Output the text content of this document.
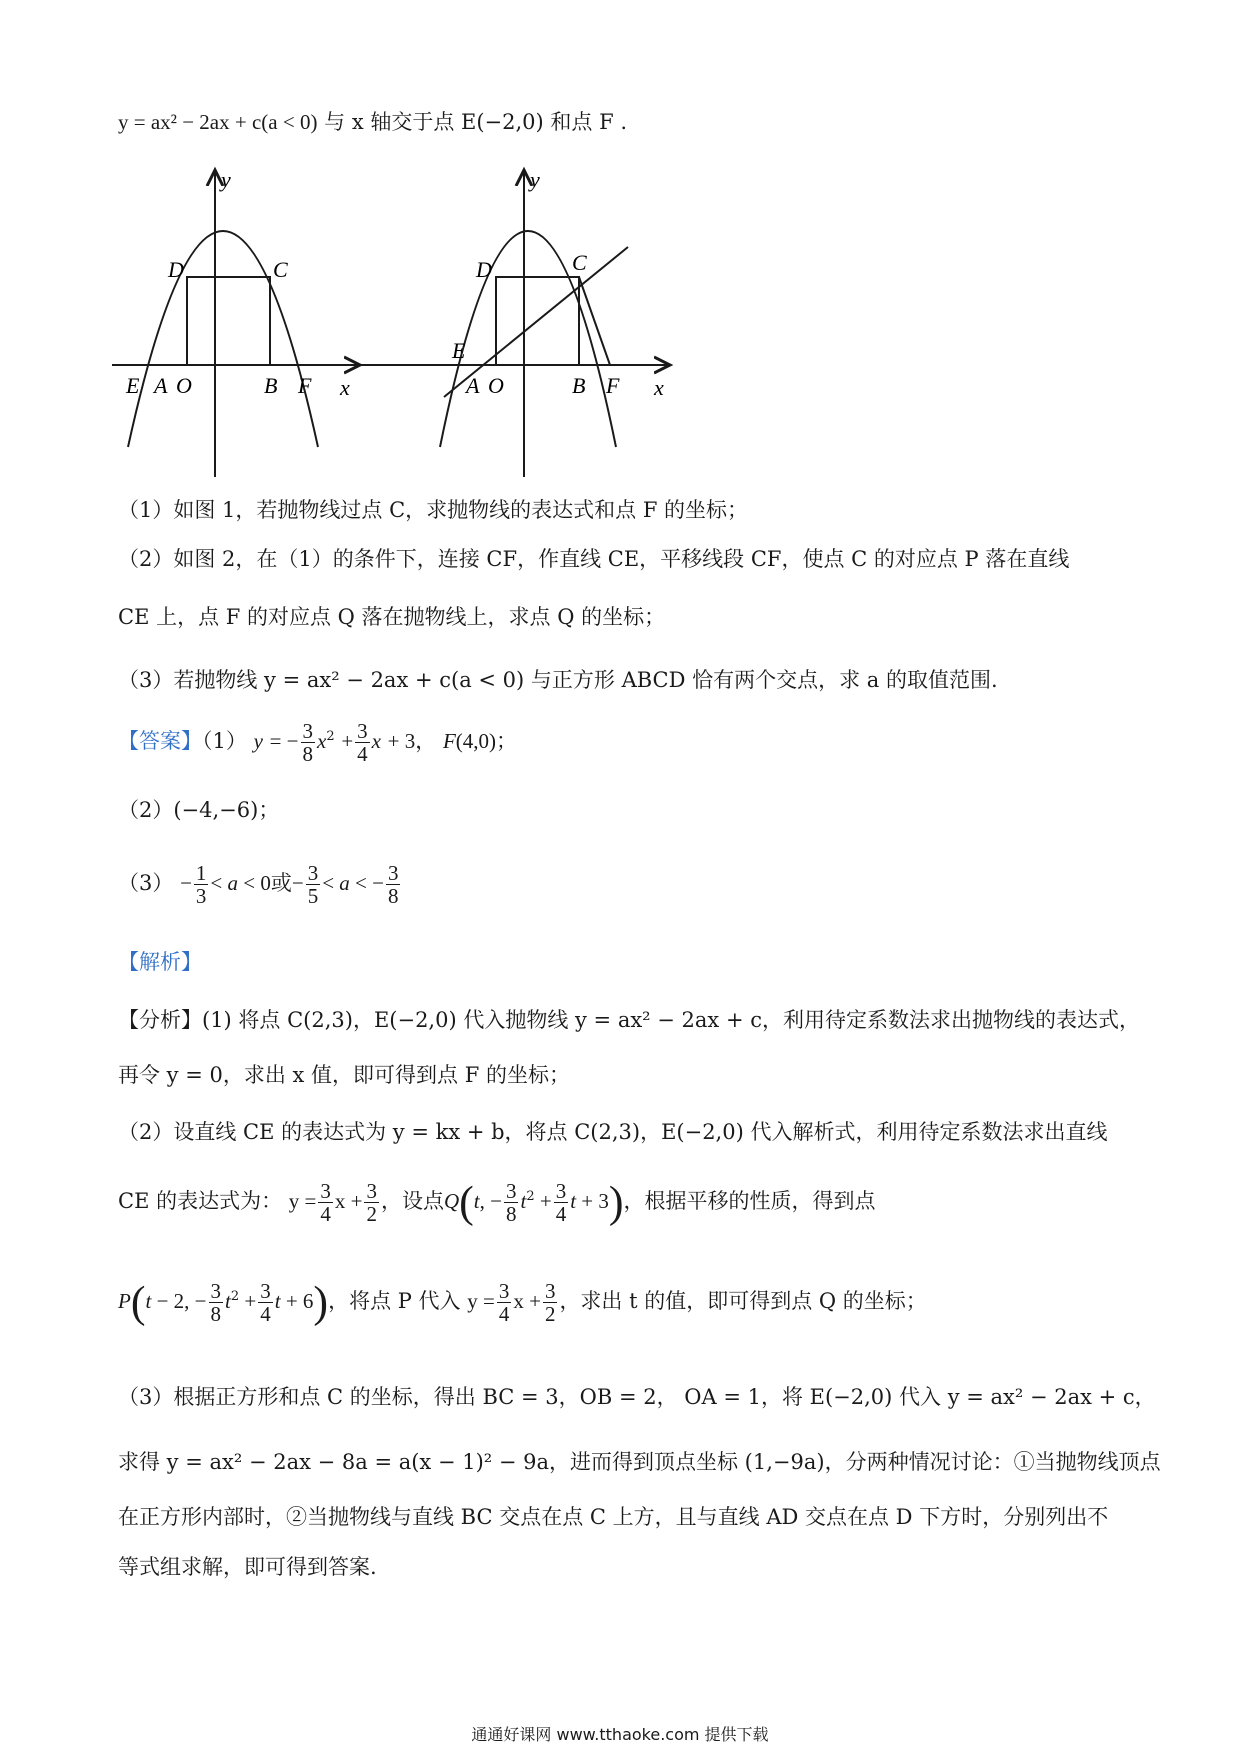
y = ax² − 2ax + c(a < 0) 与 x 轴交于点 E(−2,0) 和点 F .
y
D	C
E A O	B F x
y
D	C
E
A O	B F x
（1）如图 1，若抛物线过点 C，求抛物线的表达式和点 F 的坐标；
（2）如图 2，在（1）的条件下，连接 CF，作直线 CE，平移线段 CF，使点 C 的对应点 P 落在直线
CE 上，点 F 的对应点 Q 落在抛物线上，求点 Q 的坐标；
（3）若抛物线 y = ax² − 2ax + c(a < 0) 与正方形 ABCD 恰有两个交点，求 a 的取值范围.
【答案】（1） y = − $\frac{3}{8} x^2 + \frac{3}{4}$ x + 3， F(4,0)；
（2）(−4,−6)；
$(3) - \frac{1}{3} < a < 0$或− $\frac{3}{5} < a$ < − $\frac{3}{8}$
【解析】
【分析】(1) 将点 C(2,3)，E(−2,0) 代入抛物线 y = ax² − 2ax + c，利用待定系数法求出抛物线的表达式，
再令 y = 0，求出 x 值，即可得到点 F 的坐标；
（2）设直线 CE 的表达式为 y = kx + b，将点 C(2,3)，E(−2,0) 代入解析式，利用待定系数法求出直线
CE 的表达式为： $y = \frac{3}{4}$ $x + \frac{3}{2}$ ，设点Q(t, − $\frac{3}{8} t^2 + \frac{3}{4}$ t + 3)，根据平移的性质，得到点
P(t − 2, − $\frac{3}{8} t^2 + \frac{3}{4}$ t + 6)，将点 P 代入 $y = \frac{3}{4}$ $x + \frac{3}{2}$ ，求出 t 的值，即可得到点 Q 的坐标；
（3）根据正方形和点 C 的坐标，得出 BC = 3，OB = 2， OA = 1，将 E(−2,0) 代入 y = ax² − 2ax + c，
求得 y = ax² − 2ax − 8a = a(x − 1)² − 9a，进而得到顶点坐标 (1,−9a)，分两种情况讨论：①当抛物线顶点
在正方形内部时，②当抛物线与直线 BC 交点在点 C 上方，且与直线 AD 交点在点 D 下方时，分别列出不
等式组求解，即可得到答案.
通通好课网 www.tthaoke.com 提供下载
